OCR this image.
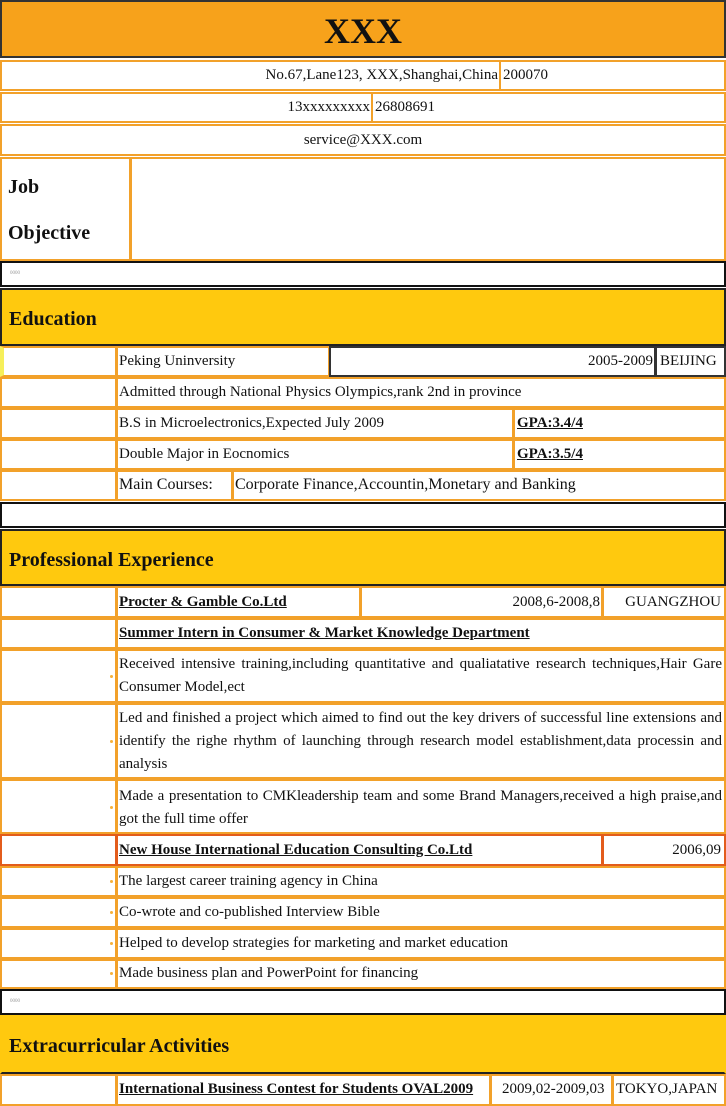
XXX
No.67,Lane123, XXX,Shanghai,China 200070
13xxxxxxxxx 26808691
service@XXX.com
Job
Objective
0000
Education
Peking Uninversity	2005-2009 BEIJING
Admitted through National Physics Olympics,rank 2nd in province
B.S in Microelectronics,Expected July 2009	GPA:3.4/4
Double Major in Eocnomics	GPA:3.5/4
Main Courses: Corporate Finance,Accountin,Monetary and Banking
Professional Experience
Procter & Gamble Co.Ltd	2008,6-2008,8 GUANGZHOU
Summer Intern in Consumer & Market Knowledge Department
Received intensive training,including quantitative and qualiatative research techniques,Hair Gare Consumer Model,ect
Led and finished a project which aimed to find out the key drivers of successful line extensions and identify the righe rhythm of launching through research model establishment,data processin and analysis
Made a presentation to CMKleadership team and some Brand Managers,received a high praise,and got the full time offer
New House International Education Consulting Co.Ltd	2006,09
The largest career training agency in China
Co-wrote and co-published Interview Bible
Helped to develop strategies for marketing and market education
Made business plan and PowerPoint for financing
0000
Extracurricular Activities
International Business Contest for Students OVAL2009 2009,02-2009,03 TOKYO,JAPAN
